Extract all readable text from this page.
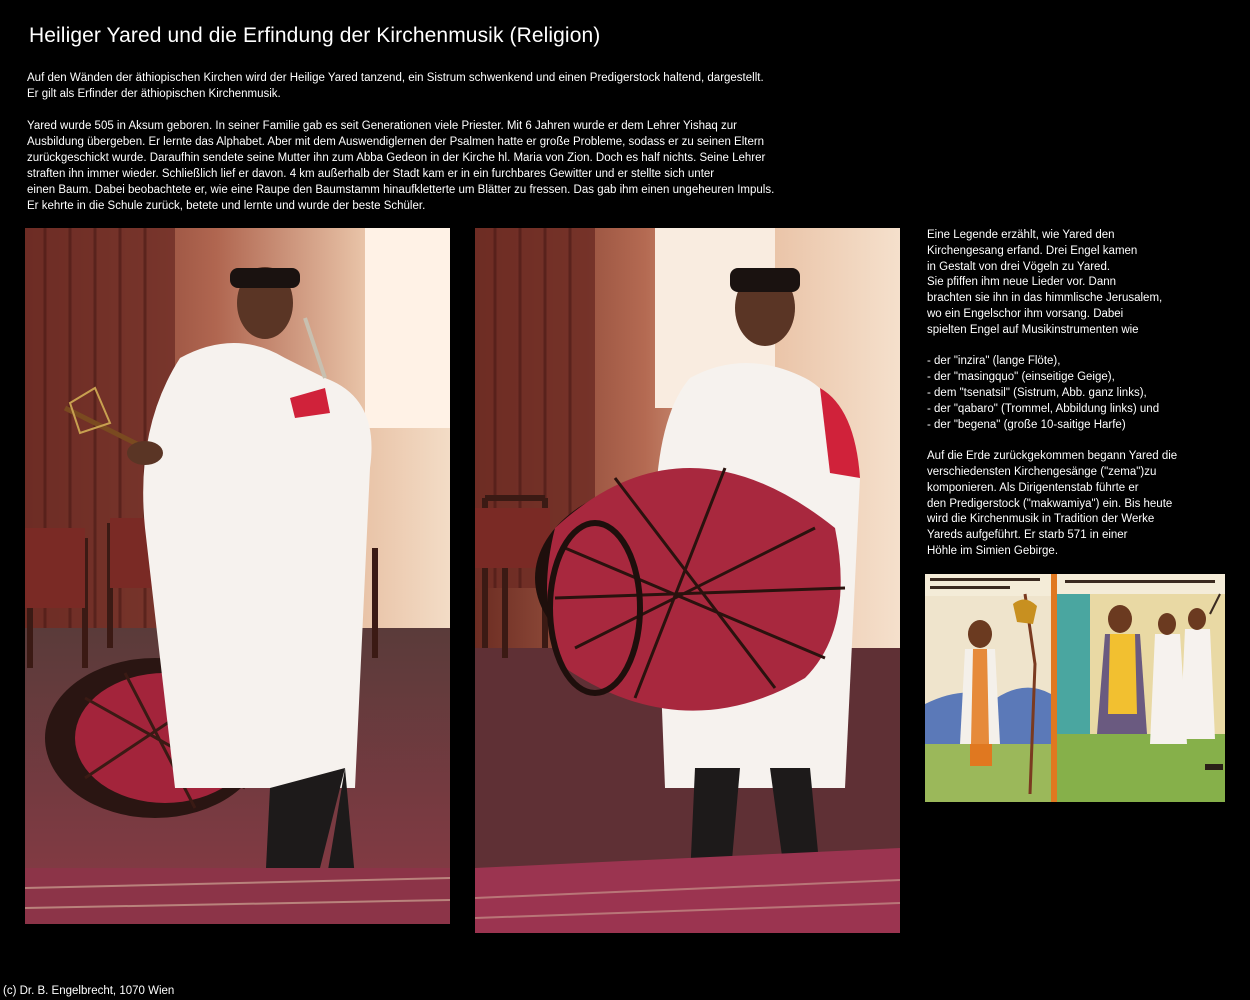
Heiliger Yared und die Erfindung der Kirchenmusik (Religion)
Auf den Wänden der äthiopischen Kirchen wird der Heilige Yared tanzend, ein Sistrum schwenkend und einen Predigerstock haltend, dargestellt.
Er gilt als Erfinder der äthiopischen Kirchenmusik.
Yared wurde 505 in Aksum geboren. In seiner Familie gab es seit Generationen viele Priester. Mit 6 Jahren wurde er dem Lehrer Yishaq zur
Ausbildung übergeben. Er lernte das Alphabet. Aber mit dem Auswendiglernen der Psalmen hatte er große Probleme, sodass er zu seinen Eltern
zurückgeschickt wurde. Daraufhin sendete seine Mutter ihn zum Abba Gedeon in der Kirche hl. Maria von Zion. Doch es half nichts. Seine Lehrer
straften ihn immer wieder. Schließlich lief er davon. 4 km außerhalb der Stadt kam er in ein furchbares Gewitter und er stellte sich unter
einen Baum. Dabei beobachtete er, wie eine Raupe den Baumstamm hinaufkletterte um Blätter zu fressen. Das gab ihm einen ungeheuren Impuls.
Er kehrte in die Schule zurück, betete und lernte und wurde der beste Schüler.
Eine Legende erzählt, wie Yared den
Kirchengesang erfand. Drei Engel kamen
in Gestalt von drei Vögeln zu Yared.
Sie pfiffen ihm neue Lieder vor. Dann
brachten sie ihn in das himmlische Jerusalem,
wo ein Engelschor ihm vorsang. Dabei
spielten Engel auf Musikinstrumenten wie
- der "inzira" (lange Flöte),
- der "masingquo" (einseitige Geige),
- dem "tsenatsil" (Sistrum, Abb. ganz links),
- der "qabaro" (Trommel, Abbildung links) und
- der "begena" (große 10-saitige Harfe)
Auf die Erde zurückgekommen begann Yared die
verschiedensten Kirchengesänge ("zema")zu
komponieren. Als Dirigentenstab führte er
den Predigerstock ("makwamiya") ein. Bis heute
wird die Kirchenmusik in Tradition der Werke
Yareds aufgeführt. Er starb 571 in einer
Höhle im Simien Gebirge.
(c) Dr. B. Engelbrecht, 1070 Wien
